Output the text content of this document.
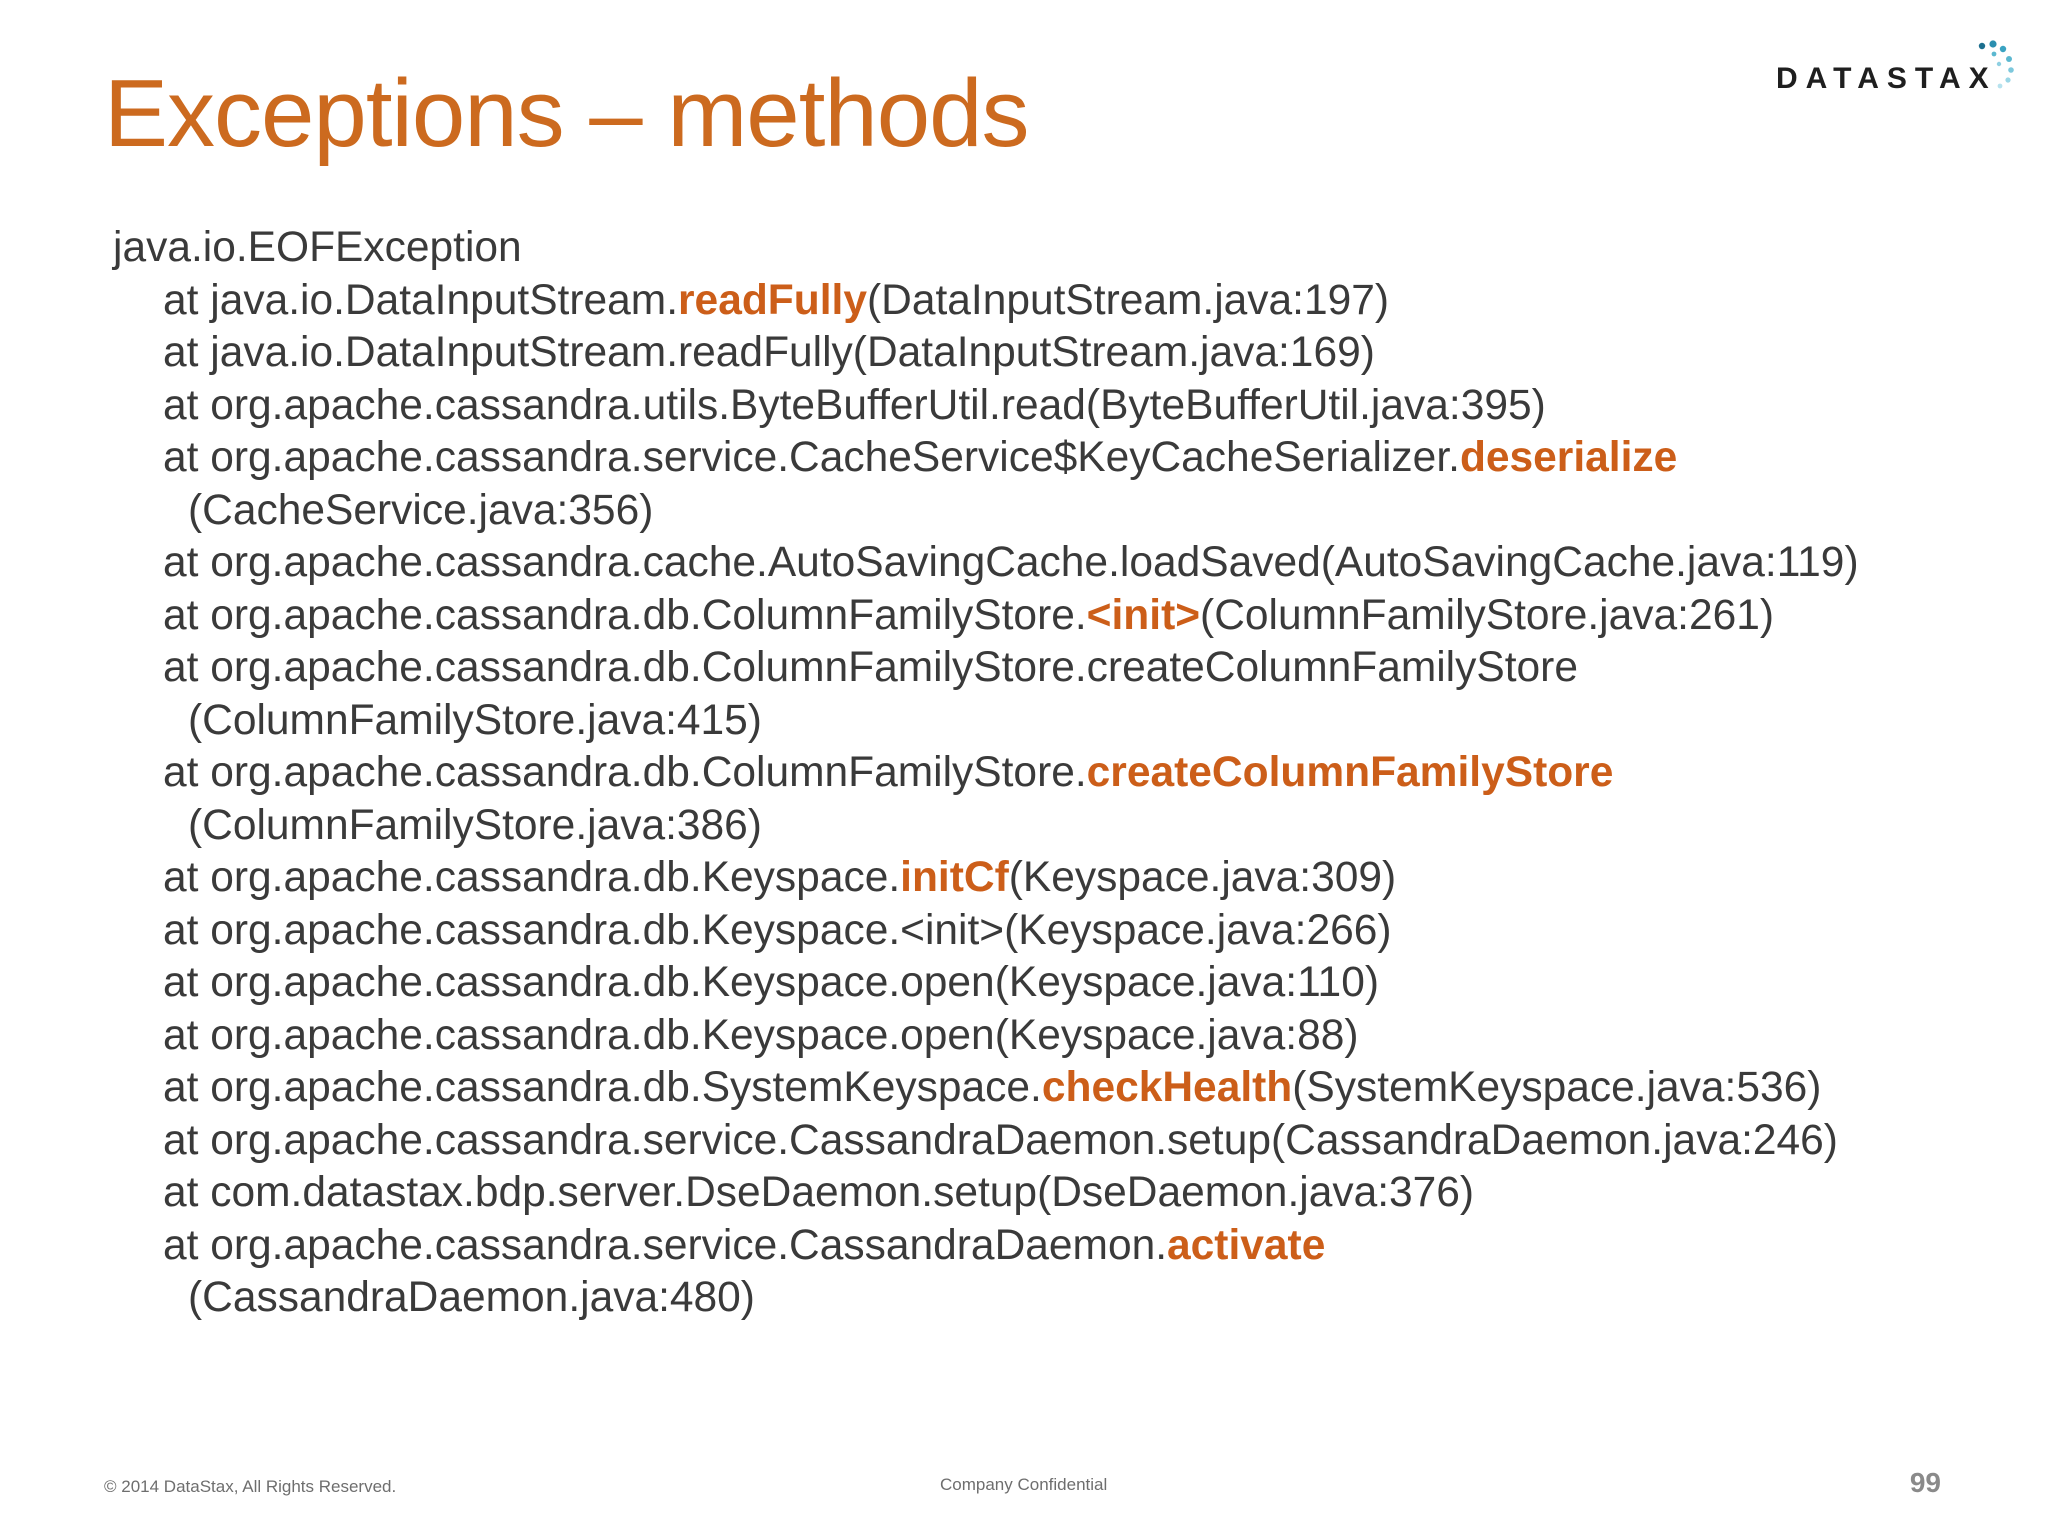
Exceptions – methods	DATASTAX
java.io.EOFException
at java.io.DataInputStream.readFully(DataInputStream.java:197)
at java.io.DataInputStream.readFully(DataInputStream.java:169)
at org.apache.cassandra.utils.ByteBufferUtil.read(ByteBufferUtil.java:395)
at org.apache.cassandra.service.CacheService$KeyCacheSerializer.deserialize
(CacheService.java:356)
at org.apache.cassandra.cache.AutoSavingCache.loadSaved(AutoSavingCache.java:119)
at org.apache.cassandra.db.ColumnFamilyStore.<init>(ColumnFamilyStore.java:261)
at org.apache.cassandra.db.ColumnFamilyStore.createColumnFamilyStore
(ColumnFamilyStore.java:415)
at org.apache.cassandra.db.ColumnFamilyStore.createColumnFamilyStore
(ColumnFamilyStore.java:386)
at org.apache.cassandra.db.Keyspace.initCf(Keyspace.java:309)
at org.apache.cassandra.db.Keyspace.<init>(Keyspace.java:266)
at org.apache.cassandra.db.Keyspace.open(Keyspace.java:110)
at org.apache.cassandra.db.Keyspace.open(Keyspace.java:88)
at org.apache.cassandra.db.SystemKeyspace.checkHealth(SystemKeyspace.java:536)
at org.apache.cassandra.service.CassandraDaemon.setup(CassandraDaemon.java:246)
at com.datastax.bdp.server.DseDaemon.setup(DseDaemon.java:376)
at org.apache.cassandra.service.CassandraDaemon.activate
(CassandraDaemon.java:480)
© 2014 DataStax, All Rights Reserved.	Company Confidential	99
